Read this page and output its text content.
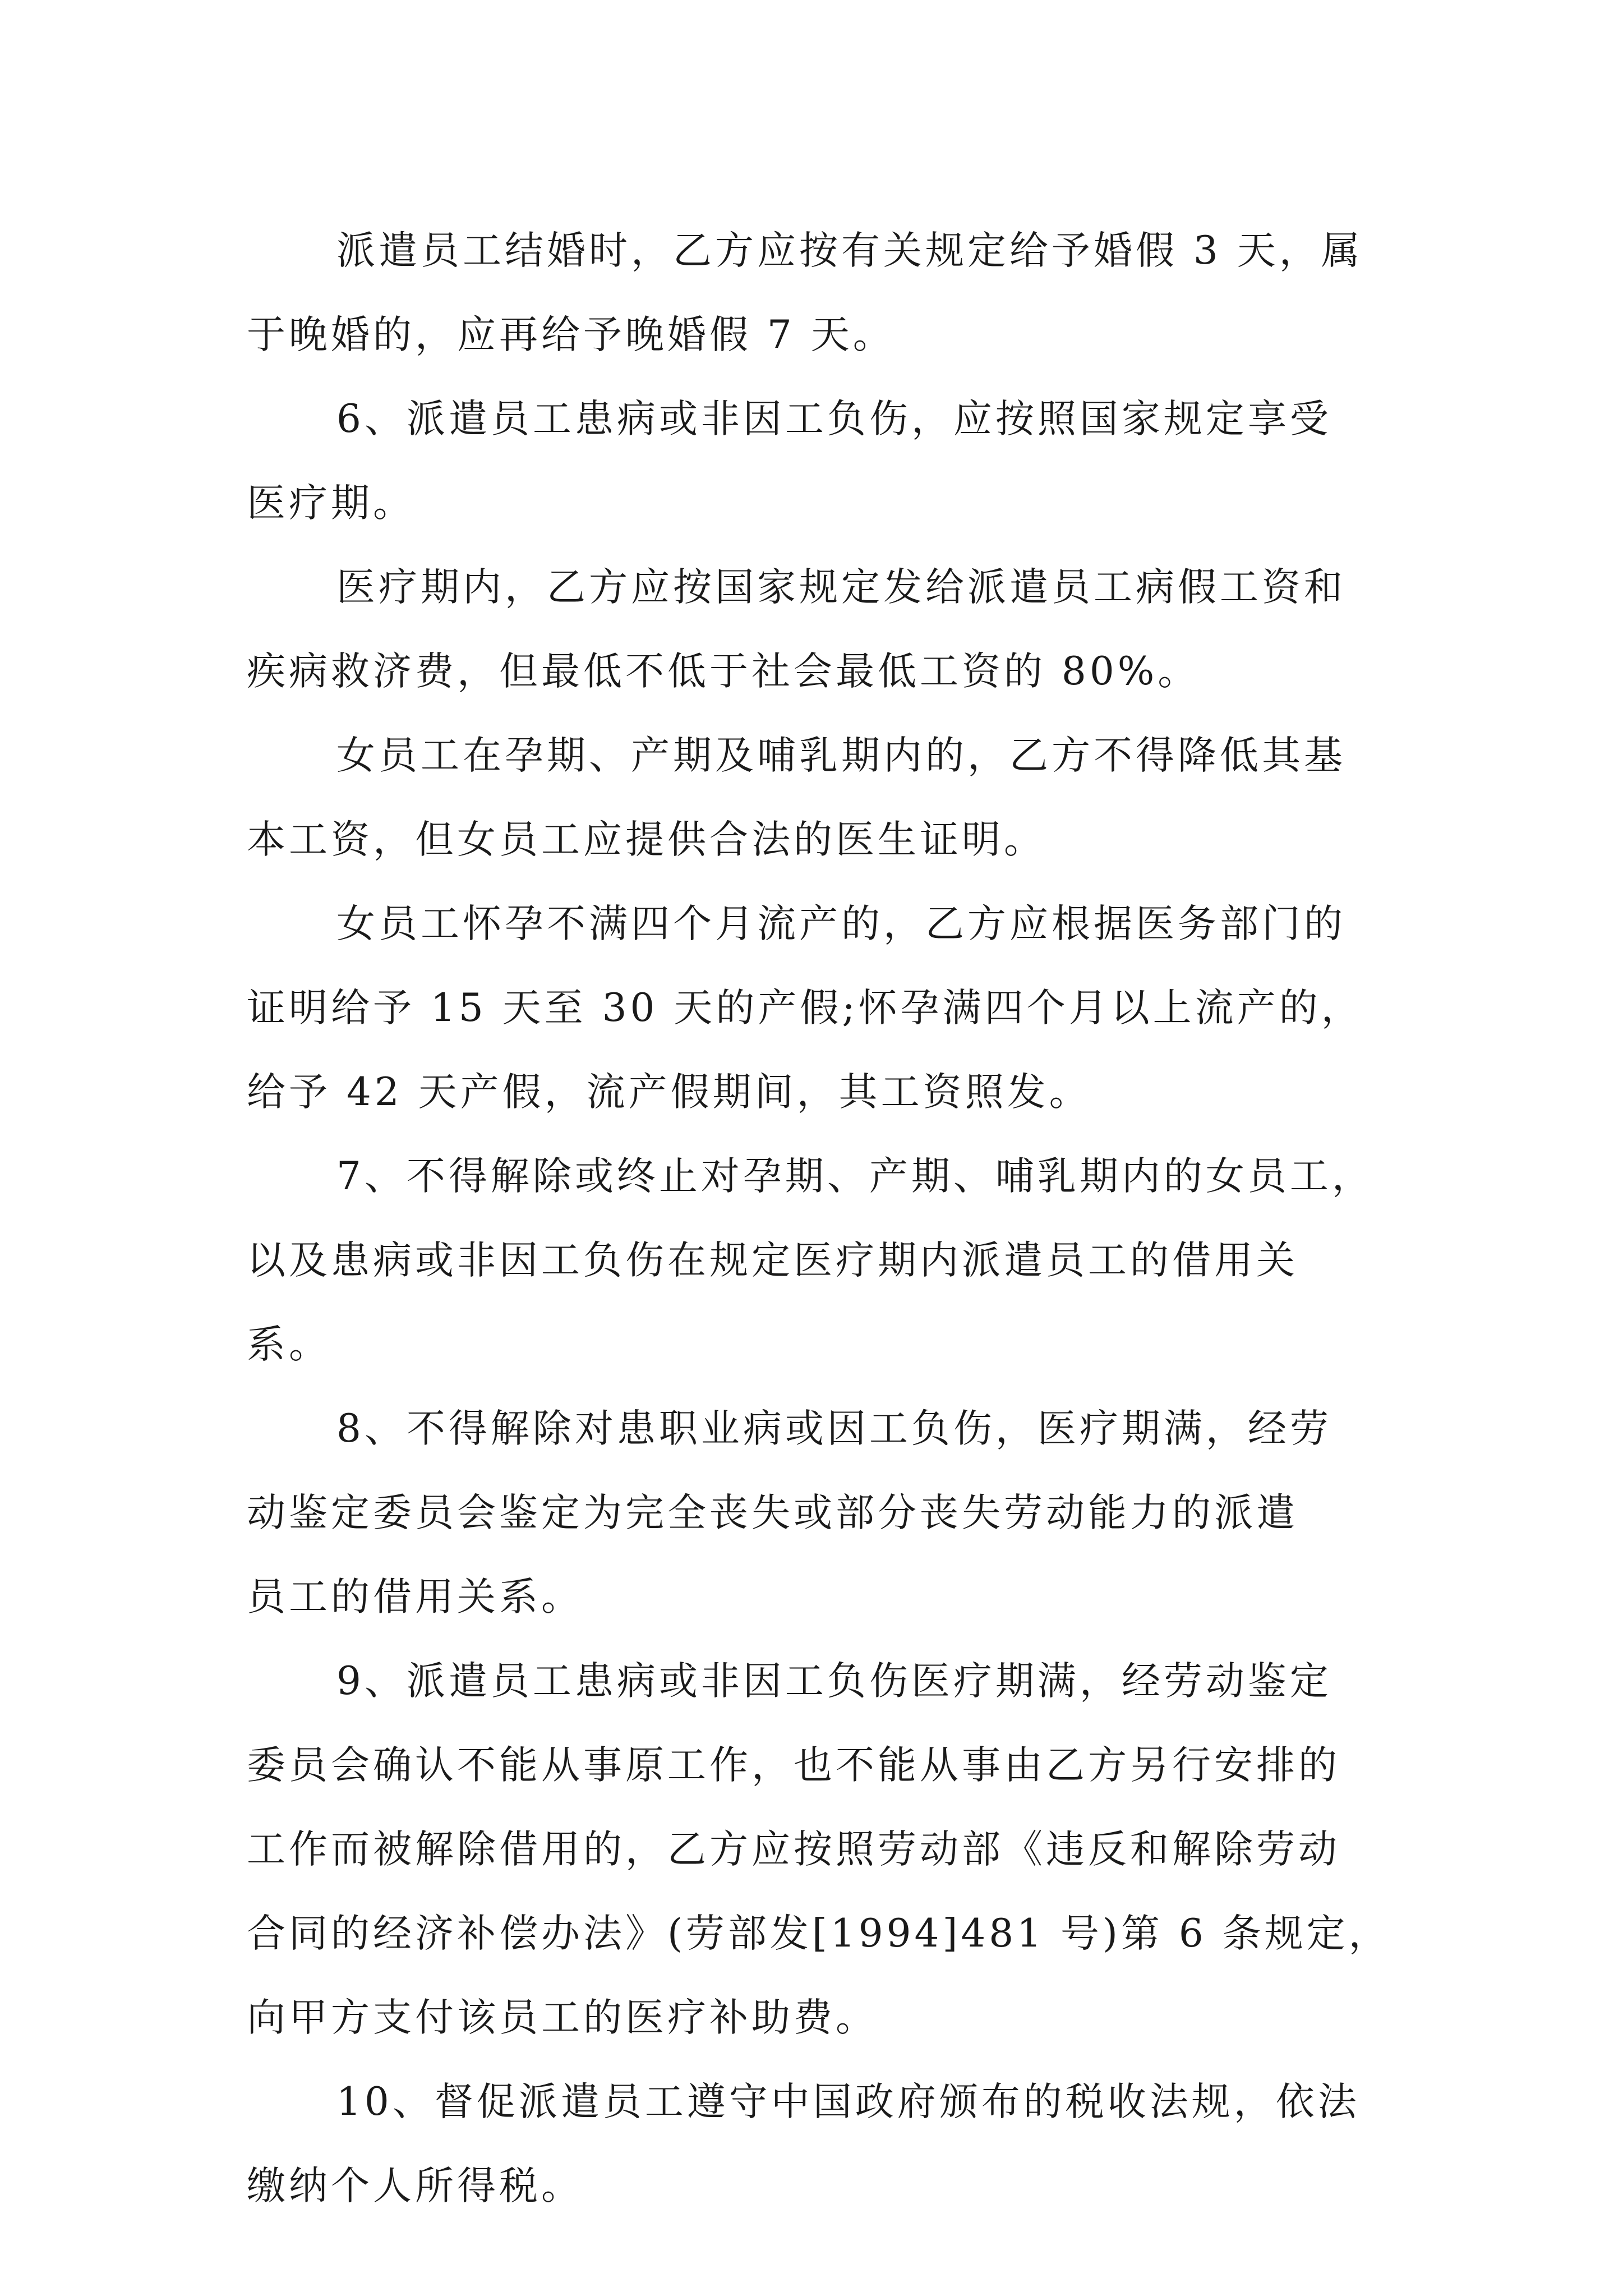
派遣员工结婚时，乙方应按有关规定给予婚假 3 天，属
于晚婚的，应再给予晚婚假 7 天。
6、派遣员工患病或非因工负伤，应按照国家规定享受
医疗期。
医疗期内，乙方应按国家规定发给派遣员工病假工资和
疾病救济费，但最低不低于社会最低工资的 80%。
女员工在孕期、产期及哺乳期内的，乙方不得降低其基
本工资，但女员工应提供合法的医生证明。
女员工怀孕不满四个月流产的，乙方应根据医务部门的
证明给予 15 天至 30 天的产假;怀孕满四个月以上流产的，
给予 42 天产假，流产假期间，其工资照发。
7、不得解除或终止对孕期、产期、哺乳期内的女员工，
以及患病或非因工负伤在规定医疗期内派遣员工的借用关
系。
8、不得解除对患职业病或因工负伤，医疗期满，经劳
动鉴定委员会鉴定为完全丧失或部分丧失劳动能力的派遣
员工的借用关系。
9、派遣员工患病或非因工负伤医疗期满，经劳动鉴定
委员会确认不能从事原工作，也不能从事由乙方另行安排的
工作而被解除借用的，乙方应按照劳动部《违反和解除劳动
合同的经济补偿办法》(劳部发[1994]481 号)第 6 条规定，
向甲方支付该员工的医疗补助费。
10、督促派遣员工遵守中国政府颁布的税收法规，依法
缴纳个人所得税。
